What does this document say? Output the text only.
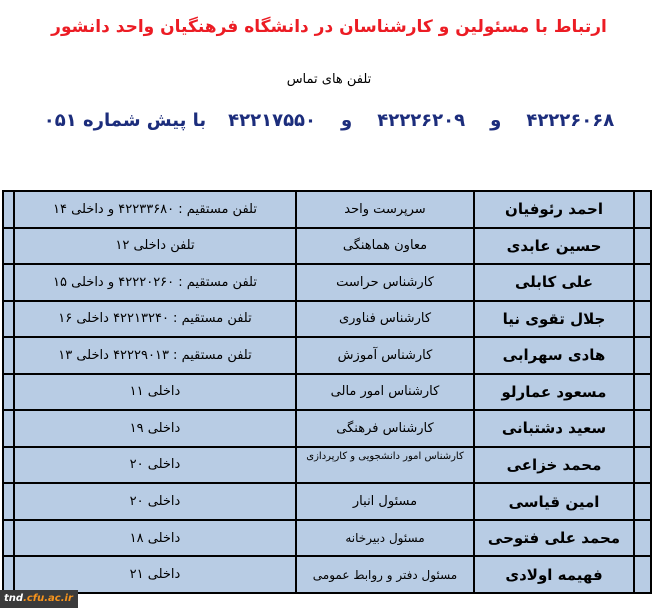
ارتباط با مسئولین و کارشناسان در دانشگاه فرهنگیان واحد دانشور
تلفن های تماس
۴۲۲۲۶۰۶۸و۴۲۲۲۶۲۰۹و۴۲۲۱۷۵۵۰با پیش شماره ۰۵۱
	احمد رئوفیان	سرپرست واحد	تلفن مستقیم : ۴۲۲۳۳۶۸۰ و داخلی ۱۴	
	حسین عابدی	معاون هماهنگی	تلفن داخلی ۱۲	
	علی کابلی	کارشناس حراست	تلفن مستقیم : ۴۲۲۲۰۲۶۰ و داخلی ۱۵	
	جلال تقوی نیا	کارشناس فناوری	تلفن مستقیم : ۴۲۲۱۳۲۴۰ داخلی ۱۶	
	هادی سهرابی	کارشناس آموزش	تلفن مستقیم : ۴۲۲۲۹۰۱۳ داخلی ۱۳	
	مسعود عمارلو	کارشناس امور مالی	داخلی ۱۱	
	سعید دشتبانی	کارشناس فرهنگی	داخلی ۱۹	
	محمد خزاعی	کارشناس امور دانشجویی و کارپردازی	داخلی ۲۰	
	امین قیاسی	مسئول انبار	داخلی ۲۰	
	محمد علی فتوحی	مسئول دبیرخانه	داخلی ۱۸	
	فهیمه اولادی	مسئول دفتر و روابط عمومی	داخلی ۲۱	
tnd.cfu.ac.ir
